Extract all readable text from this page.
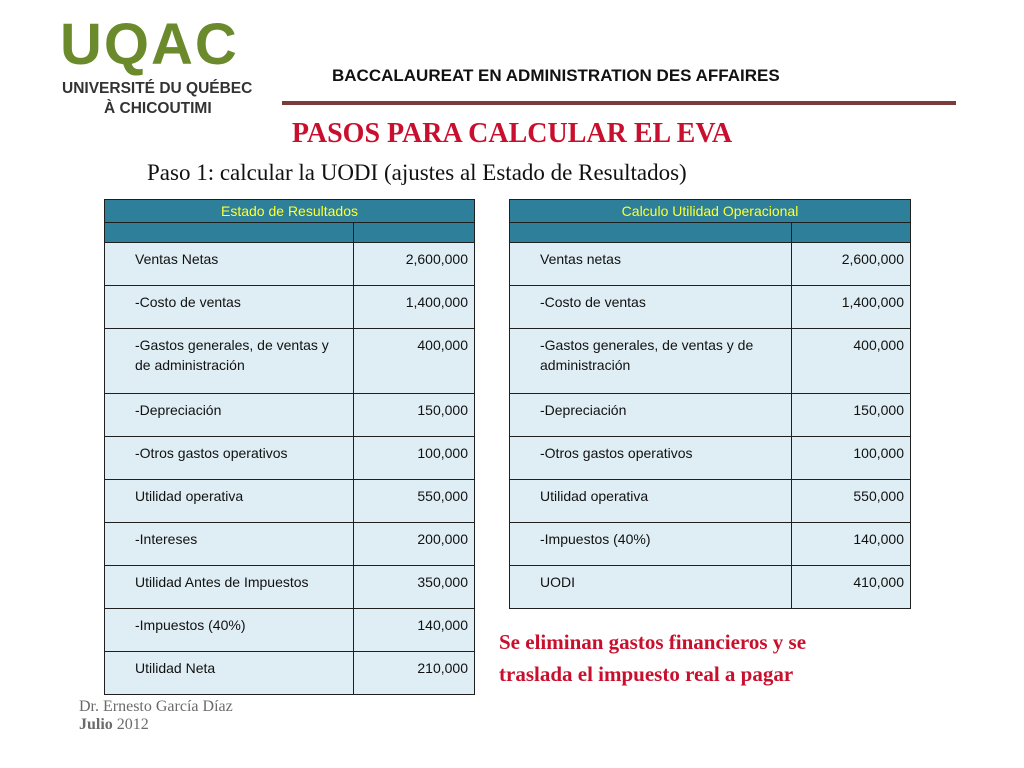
UQAC
UNIVERSITÉ DU QUÉBEC
À CHICOUTIMI
BACCALAUREAT EN ADMINISTRATION DES AFFAIRES
PASOS PARA CALCULAR EL EVA
Paso 1: calcular la UODI (ajustes al Estado de Resultados)
Estado de Resultados	

Ventas Netas	2,600,000
-Costo de ventas	1,400,000
-Gastos generales, de ventas y de administración	400,000
-Depreciación	150,000
-Otros gastos operativos	100,000
Utilidad operativa	550,000
-Intereses	200,000
Utilidad Antes de Impuestos	350,000
-Impuestos (40%)	140,000
Utilidad Neta	210,000
Calculo Utilidad Operacional	

Ventas netas	2,600,000
-Costo de ventas	1,400,000
-Gastos generales, de ventas y de administración	400,000
-Depreciación	150,000
-Otros gastos operativos	100,000
Utilidad operativa	550,000
-Impuestos (40%)	140,000
UODI	410,000
Se eliminan gastos financieros y se
traslada el impuesto real a pagar
Dr. Ernesto García Díaz
Julio 2012
